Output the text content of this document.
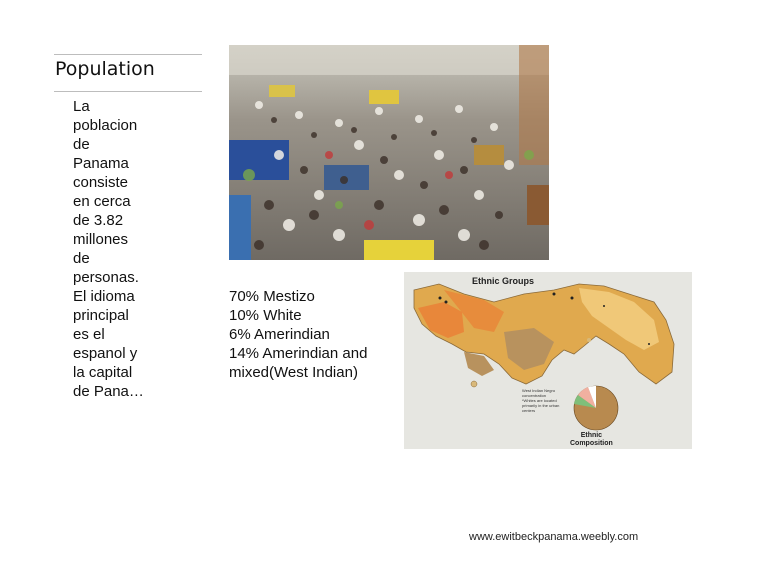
Population
La
poblacion
de
Panama
consiste
en cerca
de 3.82
millones
de
personas.
El idioma
principal
es el
espanol y
la capital
de Pana…
70% Mestizo
10% White
6% Amerindian
14% Amerindian and
mixed(West Indian)
Ethnic Groups
West Indian Negro concentration
*Whites are located primarily in the urban centers
Ethnic
Composition
www.ewitbeckpanama.weebly.com
